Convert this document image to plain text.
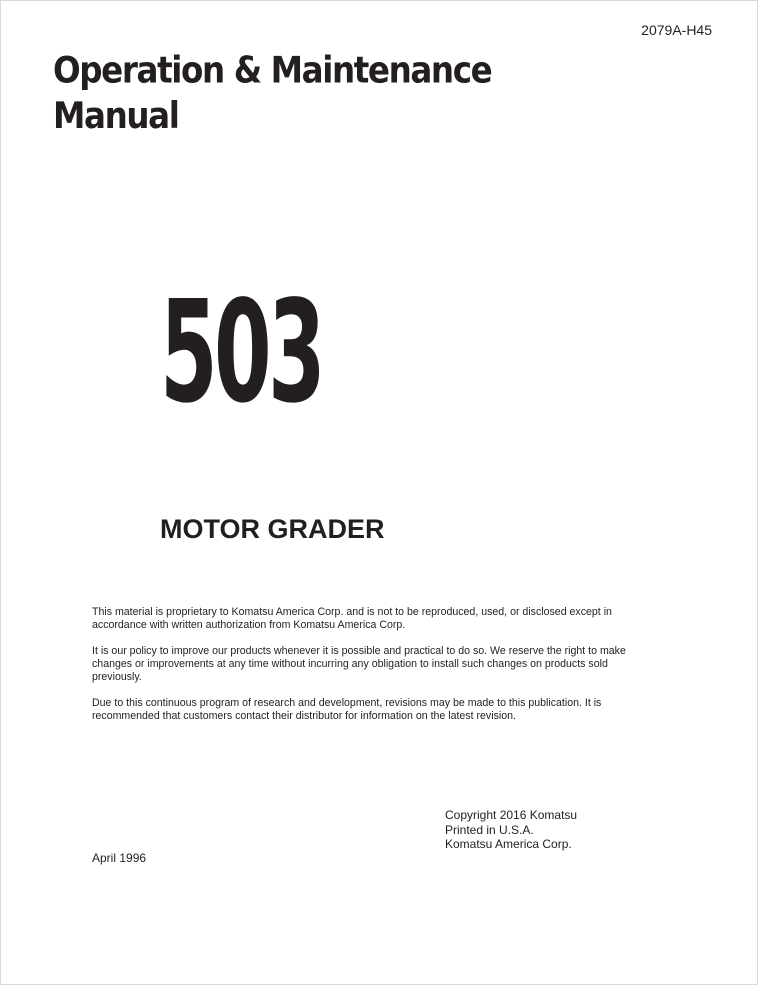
2079A-H45
Operation & Maintenance
Manual
503
MOTOR GRADER

This material is proprietary to Komatsu America Corp. and is not to be reproduced, used, or disclosed except in accordance with written authorization from Komatsu America Corp.

It is our policy to improve our products whenever it is possible and practical to do so. We reserve the right to make changes or improvements at any time without incurring any obligation to install such changes on products sold previously.

Due to this continuous program of research and development, revisions may be made to this publication. It is recommended that customers contact their distributor for information on the latest revision.

Copyright 2016 Komatsu
Printed in U.S.A.
Komatsu America Corp.
April 1996
